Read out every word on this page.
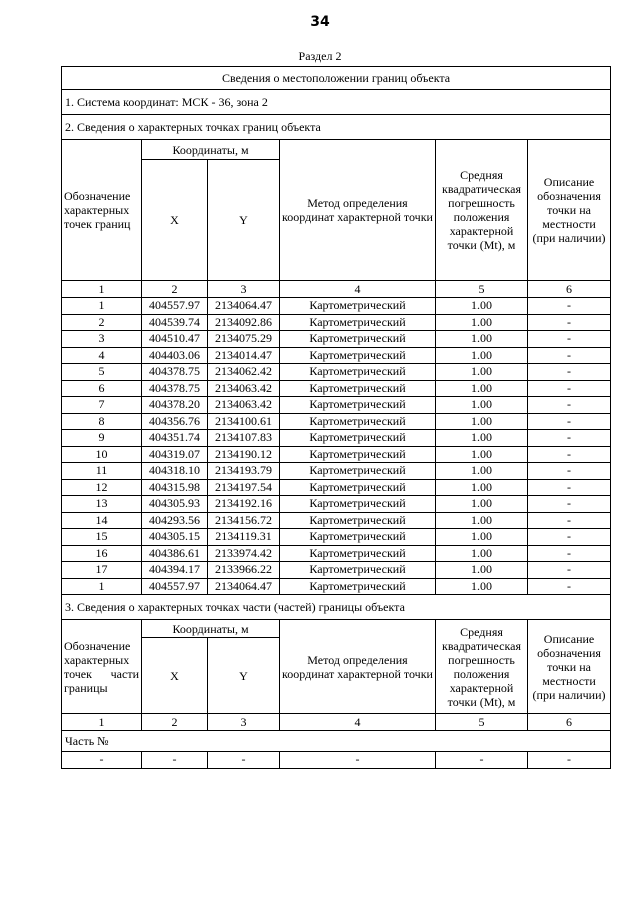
34
Раздел 2
Сведения о местоположении границ объекта					
1. Система координат: МСК - 36, зона 2					
2. Сведения о характерных точках границ объекта					
Обозначение характерных точек границ	Координаты, м		Метод определения координат характерной точки	Средняя квадратическая погрешность положения характерной точки (Mt), м	Описание обозначения точки на местности (при наличии)
	X	Y			
1	2	3	4	5	6
1	404557.97	2134064.47	Картометрический	1.00	-
2	404539.74	2134092.86	Картометрический	1.00	-
3	404510.47	2134075.29	Картометрический	1.00	-
4	404403.06	2134014.47	Картометрический	1.00	-
5	404378.75	2134062.42	Картометрический	1.00	-
6	404378.75	2134063.42	Картометрический	1.00	-
7	404378.20	2134063.42	Картометрический	1.00	-
8	404356.76	2134100.61	Картометрический	1.00	-
9	404351.74	2134107.83	Картометрический	1.00	-
10	404319.07	2134190.12	Картометрический	1.00	-
11	404318.10	2134193.79	Картометрический	1.00	-
12	404315.98	2134197.54	Картометрический	1.00	-
13	404305.93	2134192.16	Картометрический	1.00	-
14	404293.56	2134156.72	Картометрический	1.00	-
15	404305.15	2134119.31	Картометрический	1.00	-
16	404386.61	2133974.42	Картометрический	1.00	-
17	404394.17	2133966.22	Картометрический	1.00	-
1	404557.97	2134064.47	Картометрический	1.00	-
3. Сведения о характерных точках части (частей) границы объекта					
Обозначение характерных точек части границы	Координаты, м		Метод определения координат характерной точки	Средняя квадратическая погрешность положения характерной точки (Mt), м	Описание обозначения точки на местности (при наличии)
	X	Y			
1	2	3	4	5	6
Часть №					
-	-	-	-	-	-
